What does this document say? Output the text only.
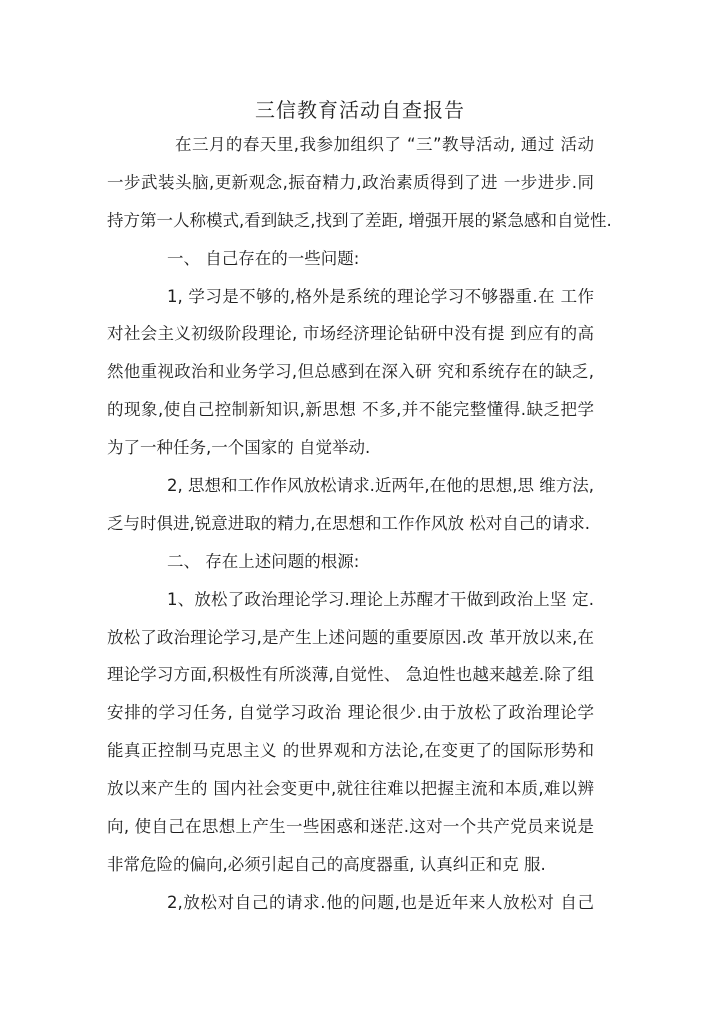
三信教育活动自查报告
在三月的春天里,我参加组织了 “三”教导活动, 通过 活动
一步武装头脑,更新观念,振奋精力,政治素质得到了进 一步进步.同
持方第一人称模式,看到缺乏,找到了差距, 增强开展的紧急感和自觉性.
一、 自己存在的一些问题:
1, 学习是不够的,格外是系统的理论学习不够器重.在 工作
对社会主义初级阶段理论, 市场经济理论钻研中没有提 到应有的高
然他重视政治和业务学习,但总感到在深入研 究和系统存在的缺乏,
的现象,使自己控制新知识,新思想 不多,并不能完整懂得.缺乏把学
为了一种任务,一个国家的 自觉举动.
2, 思想和工作作风放松请求.近两年,在他的思想,思 维方法,
乏与时俱进,锐意进取的精力,在思想和工作作风放 松对自己的请求.
二、 存在上述问题的根源:
1、放松了政治理论学习.理论上苏醒才干做到政治上坚 定.
放松了政治理论学习,是产生上述问题的重要原因.改 革开放以来,在
理论学习方面,积极性有所淡薄,自觉性、 急迫性也越来越差.除了组
安排的学习任务, 自觉学习政治 理论很少.由于放松了政治理论学
能真正控制马克思主义 的世界观和方法论,在变更了的国际形势和
放以来产生的 国内社会变更中,就往往难以把握主流和本质,难以辨
向, 使自己在思想上产生一些困惑和迷茫.这对一个共产党员来说是
非常危险的偏向,必须引起自己的高度器重, 认真纠正和克 服.
2,放松对自己的请求.他的问题,也是近年来人放松对 自己
